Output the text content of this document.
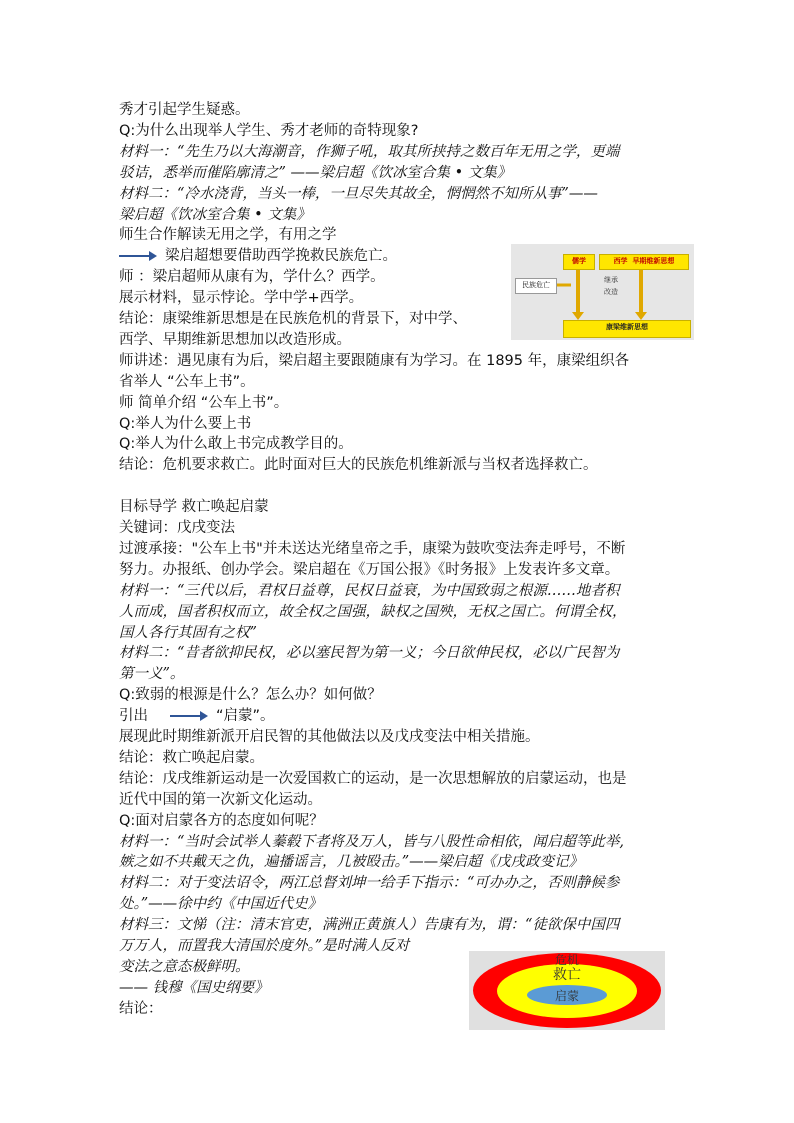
秀才引起学生疑惑。
Q:为什么出现举人学生、秀才老师的奇特现象?
材料一：“先生乃以大海潮音，作狮子吼，取其所挟持之数百年无用之学，更端
驳诘，悉举而催陷廓清之” ——梁启超《饮冰室合集 • 文集》
材料二：“冷水浇背，当头一棒，一旦尽失其故全，惘惘然不知所从事”——
梁启超《饮冰室合集 • 文集》
师生合作解读无用之学，有用之学
梁启超想要借助西学挽救民族危亡。
师 ：梁启超师从康有为，学什么？西学。
展示材料，显示悖论。学中学+西学。
结论：康梁维新思想是在民族危机的背景下，对中学、
西学、早期维新思想加以改造形成。
师讲述：遇见康有为后，梁启超主要跟随康有为学习。在 1895 年，康梁组织各
省举人 “公车上书”。
师 简单介绍 “公车上书”。
Q:举人为什么要上书
Q:举人为什么敢上书完成教学目的。
结论：危机要求救亡。此时面对巨大的民族危机维新派与当权者选择救亡。
目标导学 救亡唤起启蒙
关键词：戊戌变法
过渡承接："公车上书"并未送达光绪皇帝之手，康梁为鼓吹变法奔走呼号，不断
努力。办报纸、创办学会。梁启超在《万国公报》《时务报》上发表许多文章。
材料一：“三代以后，君权日益尊，民权日益衰，为中国致弱之根源……地者积
人而成，国者积权而立，故全权之国强，缺权之国殃，无权之国亡。何谓全权，
国人各行其固有之权”
材料二：“昔者欲抑民权，必以塞民智为第一义；今日欲伸民权，必以广民智为
第一义”。
Q:致弱的根源是什么？怎么办？如何做？
引出	“启蒙”。
展现此时期维新派开启民智的其他做法以及戊戌变法中相关措施。
结论：救亡唤起启蒙。
结论：戊戌维新运动是一次爱国救亡的运动，是一次思想解放的启蒙运动，也是
近代中国的第一次新文化运动。
Q:面对启蒙各方的态度如何呢？
材料一：“当时会试举人蓁毂下者将及万人，皆与八股性命相依，闻启超等此举,
嫉之如不共戴天之仇，遍播谣言，几被殴击。”——梁启超《戊戌政变记》
材料二：对于变法诏令，两江总督刘坤一给手下指示：“可办办之，否则静候参
处。”——徐中约《中国近代史》
材料三：文悌（注：清末官吏，满洲正黄旗人）告康有为，谓：“徒欲保中国四
万万人，而置我大清国於度外。”是时满人反对
变法之意态极鲜明。
—— 钱穆《国史纲要》
结论：
民族危亡
儒学	西学 早期维新思想
继承改造
康梁维新思想
危机
救亡
启蒙
